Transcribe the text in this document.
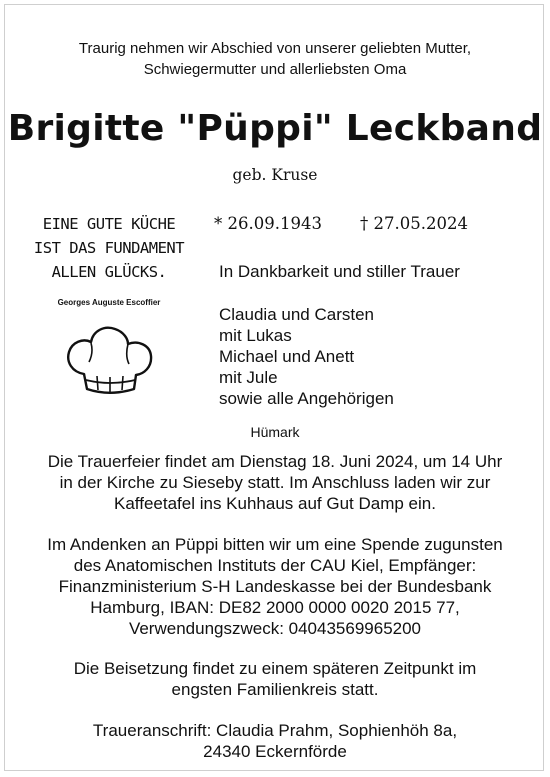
Traurig nehmen wir Abschied von unserer geliebten Mutter,
Schwiegermutter und allerliebsten Oma
Brigitte "Püppi" Leckband
geb. Kruse
EINE GUTE KÜCHE
IST DAS FUNDAMENT
ALLEN GLÜCKS.
Georges Auguste Escoffier
* 26.09.1943 † 27.05.2024
In Dankbarkeit und stiller Trauer
Claudia und Carsten
mit Lukas
Michael und Anett
mit Jule
sowie alle Angehörigen
Hümark
Die Trauerfeier findet am Dienstag 18. Juni 2024, um 14 Uhr
in der Kirche zu Sieseby statt. Im Anschluss laden wir zur
Kaffeetafel ins Kuhhaus auf Gut Damp ein.
Im Andenken an Püppi bitten wir um eine Spende zugunsten
des Anatomischen Instituts der CAU Kiel, Empfänger:
Finanzministerium S-H Landeskasse bei der Bundesbank
Hamburg, IBAN: DE82 2000 0000 0020 2015 77,
Verwendungszweck: 04043569965200
Die Beisetzung findet zu einem späteren Zeitpunkt im
engsten Familienkreis statt.
Traueranschrift: Claudia Prahm, Sophienhöh 8a,
24340 Eckernförde
